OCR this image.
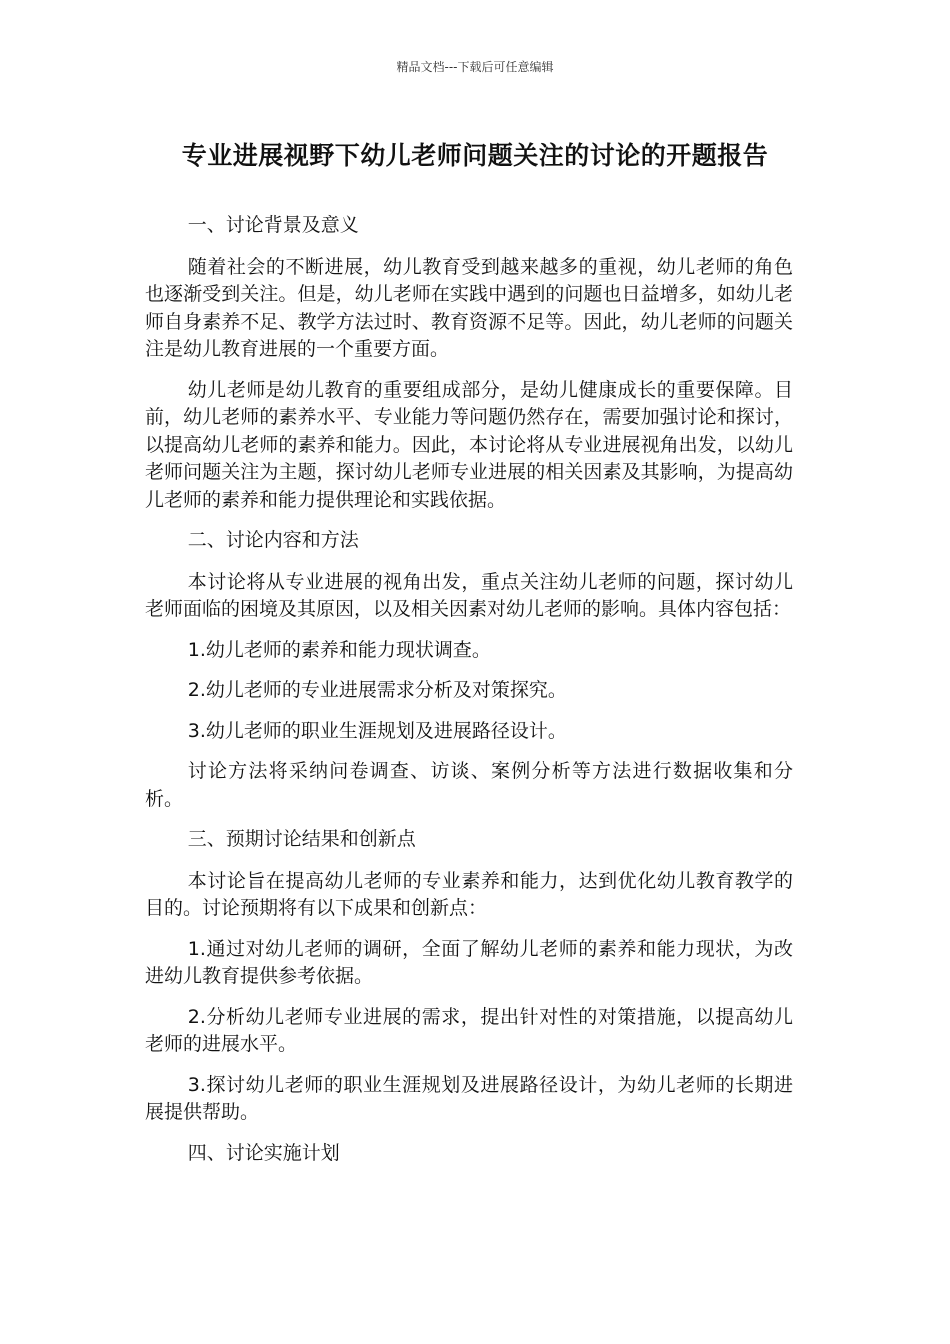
精品文档---下载后可任意编辑
专业进展视野下幼儿老师问题关注的讨论的开题报告

一、讨论背景及意义

随着社会的不断进展，幼儿教育受到越来越多的重视，幼儿老师的角色也逐渐受到关注。但是，幼儿老师在实践中遇到的问题也日益增多，如幼儿老师自身素养不足、教学方法过时、教育资源不足等。因此，幼儿老师的问题关注是幼儿教育进展的一个重要方面。

幼儿老师是幼儿教育的重要组成部分，是幼儿健康成长的重要保障。目前，幼儿老师的素养水平、专业能力等问题仍然存在，需要加强讨论和探讨，以提高幼儿老师的素养和能力。因此，本讨论将从专业进展视角出发，以幼儿老师问题关注为主题，探讨幼儿老师专业进展的相关因素及其影响，为提高幼儿老师的素养和能力提供理论和实践依据。

二、讨论内容和方法

本讨论将从专业进展的视角出发，重点关注幼儿老师的问题，探讨幼儿老师面临的困境及其原因，以及相关因素对幼儿老师的影响。具体内容包括：

1.幼儿老师的素养和能力现状调查。

2.幼儿老师的专业进展需求分析及对策探究。

3.幼儿老师的职业生涯规划及进展路径设计。

讨论方法将采纳问卷调查、访谈、案例分析等方法进行数据收集和分析。

三、预期讨论结果和创新点

本讨论旨在提高幼儿老师的专业素养和能力，达到优化幼儿教育教学的目的。讨论预期将有以下成果和创新点：

1.通过对幼儿老师的调研，全面了解幼儿老师的素养和能力现状，为改进幼儿教育提供参考依据。

2.分析幼儿老师专业进展的需求，提出针对性的对策措施，以提高幼儿老师的进展水平。

3.探讨幼儿老师的职业生涯规划及进展路径设计，为幼儿老师的长期进展提供帮助。

四、讨论实施计划
